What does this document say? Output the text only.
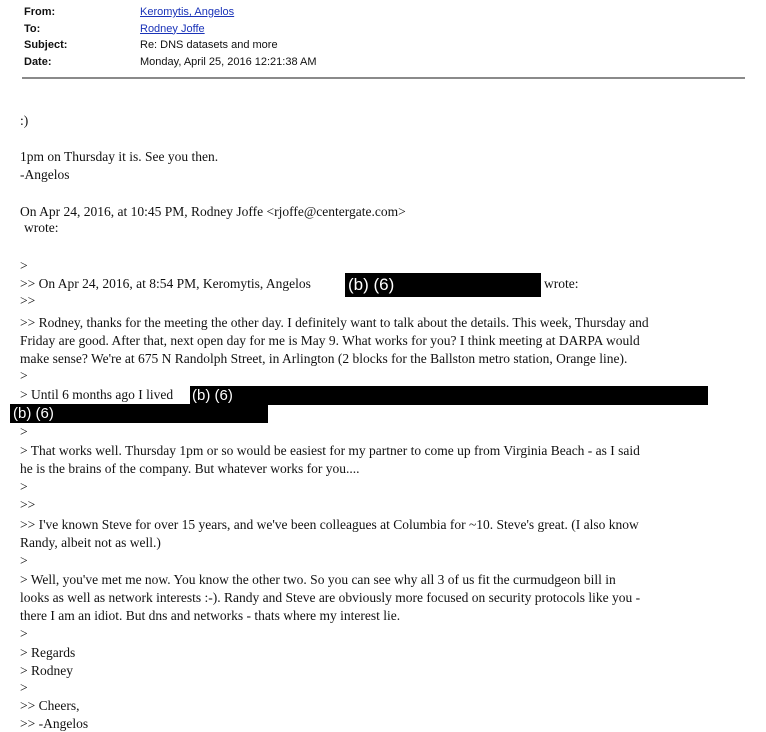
From:	Keromytis, Angelos
To:	Rodney Joffe
Subject:	Re: DNS datasets and more
Date:	Monday, April 25, 2016 12:21:38 AM
:)
1pm on Thursday it is. See you then.
-Angelos
On Apr 24, 2016, at 10:45 PM, Rodney Joffe <rjoffe@centergate.com>
wrote:
>
>> On Apr 24, 2016, at 8:54 PM, Keromytis, Angelos	wrote:
>>
>> Rodney, thanks for the meeting the other day. I definitely want to talk about the details. This week, Thursday and
Friday are good. After that, next open day for me is May 9. What works for you? I think meeting at DARPA would
make sense? We're at 675 N Randolph Street, in Arlington (2 blocks for the Ballston metro station, Orange line).
>
> Until 6 months ago I lived
>
> That works well. Thursday 1pm or so would be easiest for my partner to come up from Virginia Beach - as I said
he is the brains of the company. But whatever works for you....
>
>>
>> I've known Steve for over 15 years, and we've been colleagues at Columbia for ~10. Steve's great. (I also know
Randy, albeit not as well.)
>
> Well, you've met me now. You know the other two. So you can see why all 3 of us fit the curmudgeon bill in
looks as well as network interests :-). Randy and Steve are obviously more focused on security protocols like you -
there I am an idiot. But dns and networks - thats where my interest lie.
>
> Regards
> Rodney
>
>> Cheers,
>> -Angelos
(b) (6)
(b) (6)
(b) (6)
